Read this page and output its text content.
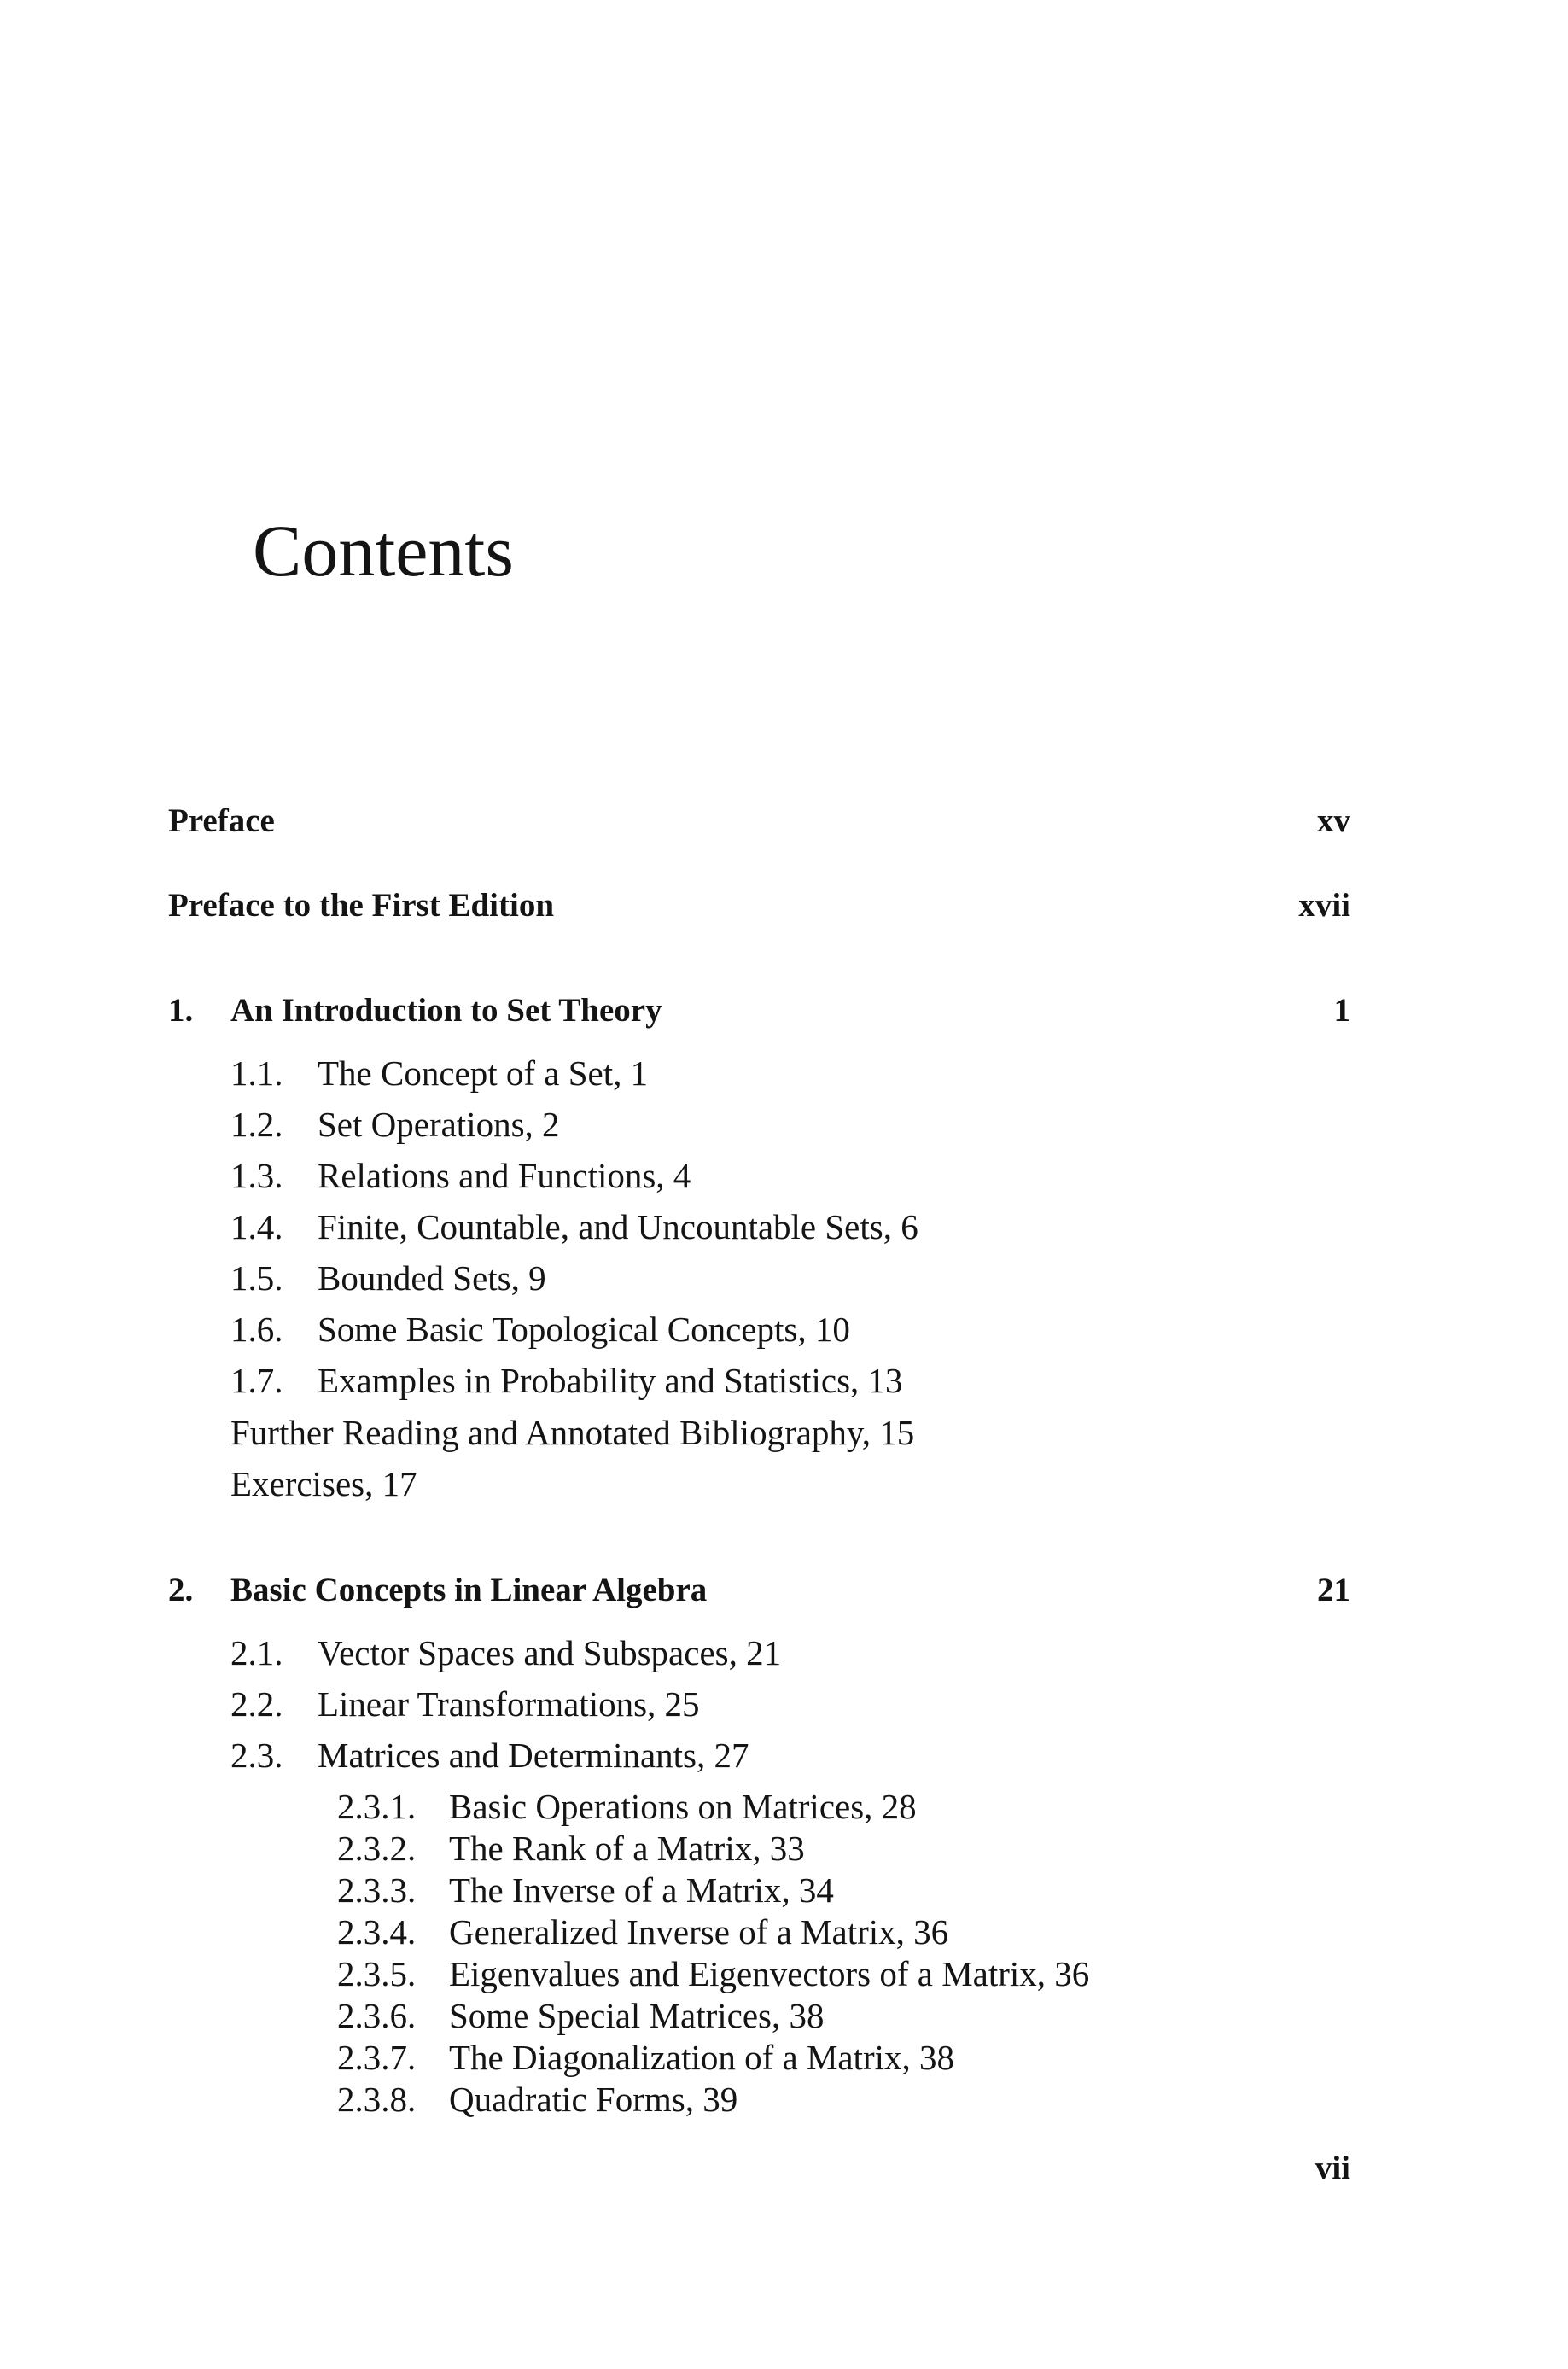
Contents
Preface	xv
Preface to the First Edition	xvii
1. An Introduction to Set Theory	1
1.1. The Concept of a Set, 1
1.2. Set Operations, 2
1.3. Relations and Functions, 4
1.4. Finite, Countable, and Uncountable Sets, 6
1.5. Bounded Sets, 9
1.6. Some Basic Topological Concepts, 10
1.7. Examples in Probability and Statistics, 13
Further Reading and Annotated Bibliography, 15
Exercises, 17
2. Basic Concepts in Linear Algebra	21
2.1. Vector Spaces and Subspaces, 21
2.2. Linear Transformations, 25
2.3. Matrices and Determinants, 27
2.3.1. Basic Operations on Matrices, 28
2.3.2. The Rank of a Matrix, 33
2.3.3. The Inverse of a Matrix, 34
2.3.4. Generalized Inverse of a Matrix, 36
2.3.5. Eigenvalues and Eigenvectors of a Matrix, 36
2.3.6. Some Special Matrices, 38
2.3.7. The Diagonalization of a Matrix, 38
2.3.8. Quadratic Forms, 39
vii
